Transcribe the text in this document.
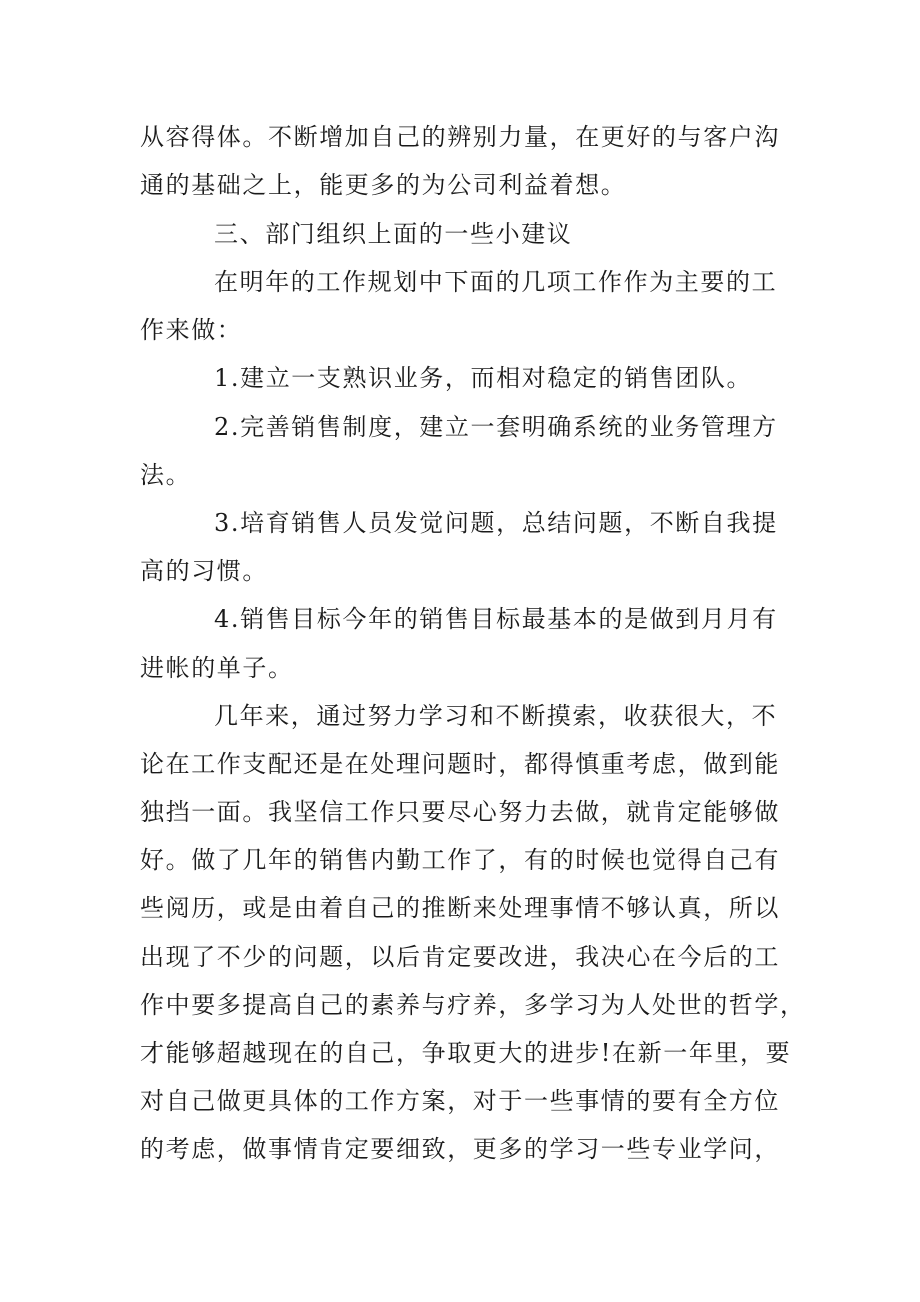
从容得体。不断增加自己的辨别力量，在更好的与客户沟
通的基础之上，能更多的为公司利益着想。
三、部门组织上面的一些小建议
在明年的工作规划中下面的几项工作作为主要的工
作来做：
1.建立一支熟识业务，而相对稳定的销售团队。
2.完善销售制度，建立一套明确系统的业务管理方
法。
3.培育销售人员发觉问题，总结问题，不断自我提
高的习惯。
4.销售目标今年的销售目标最基本的是做到月月有
进帐的单子。
几年来，通过努力学习和不断摸索，收获很大，不
论在工作支配还是在处理问题时，都得慎重考虑，做到能
独挡一面。我坚信工作只要尽心努力去做，就肯定能够做
好。做了几年的销售内勤工作了，有的时候也觉得自己有
些阅历，或是由着自己的推断来处理事情不够认真，所以
出现了不少的问题，以后肯定要改进，我决心在今后的工
作中要多提高自己的素养与疗养，多学习为人处世的哲学，
才能够超越现在的自己，争取更大的进步!在新一年里，要
对自己做更具体的工作方案，对于一些事情的要有全方位
的考虑，做事情肯定要细致，更多的学习一些专业学问，
